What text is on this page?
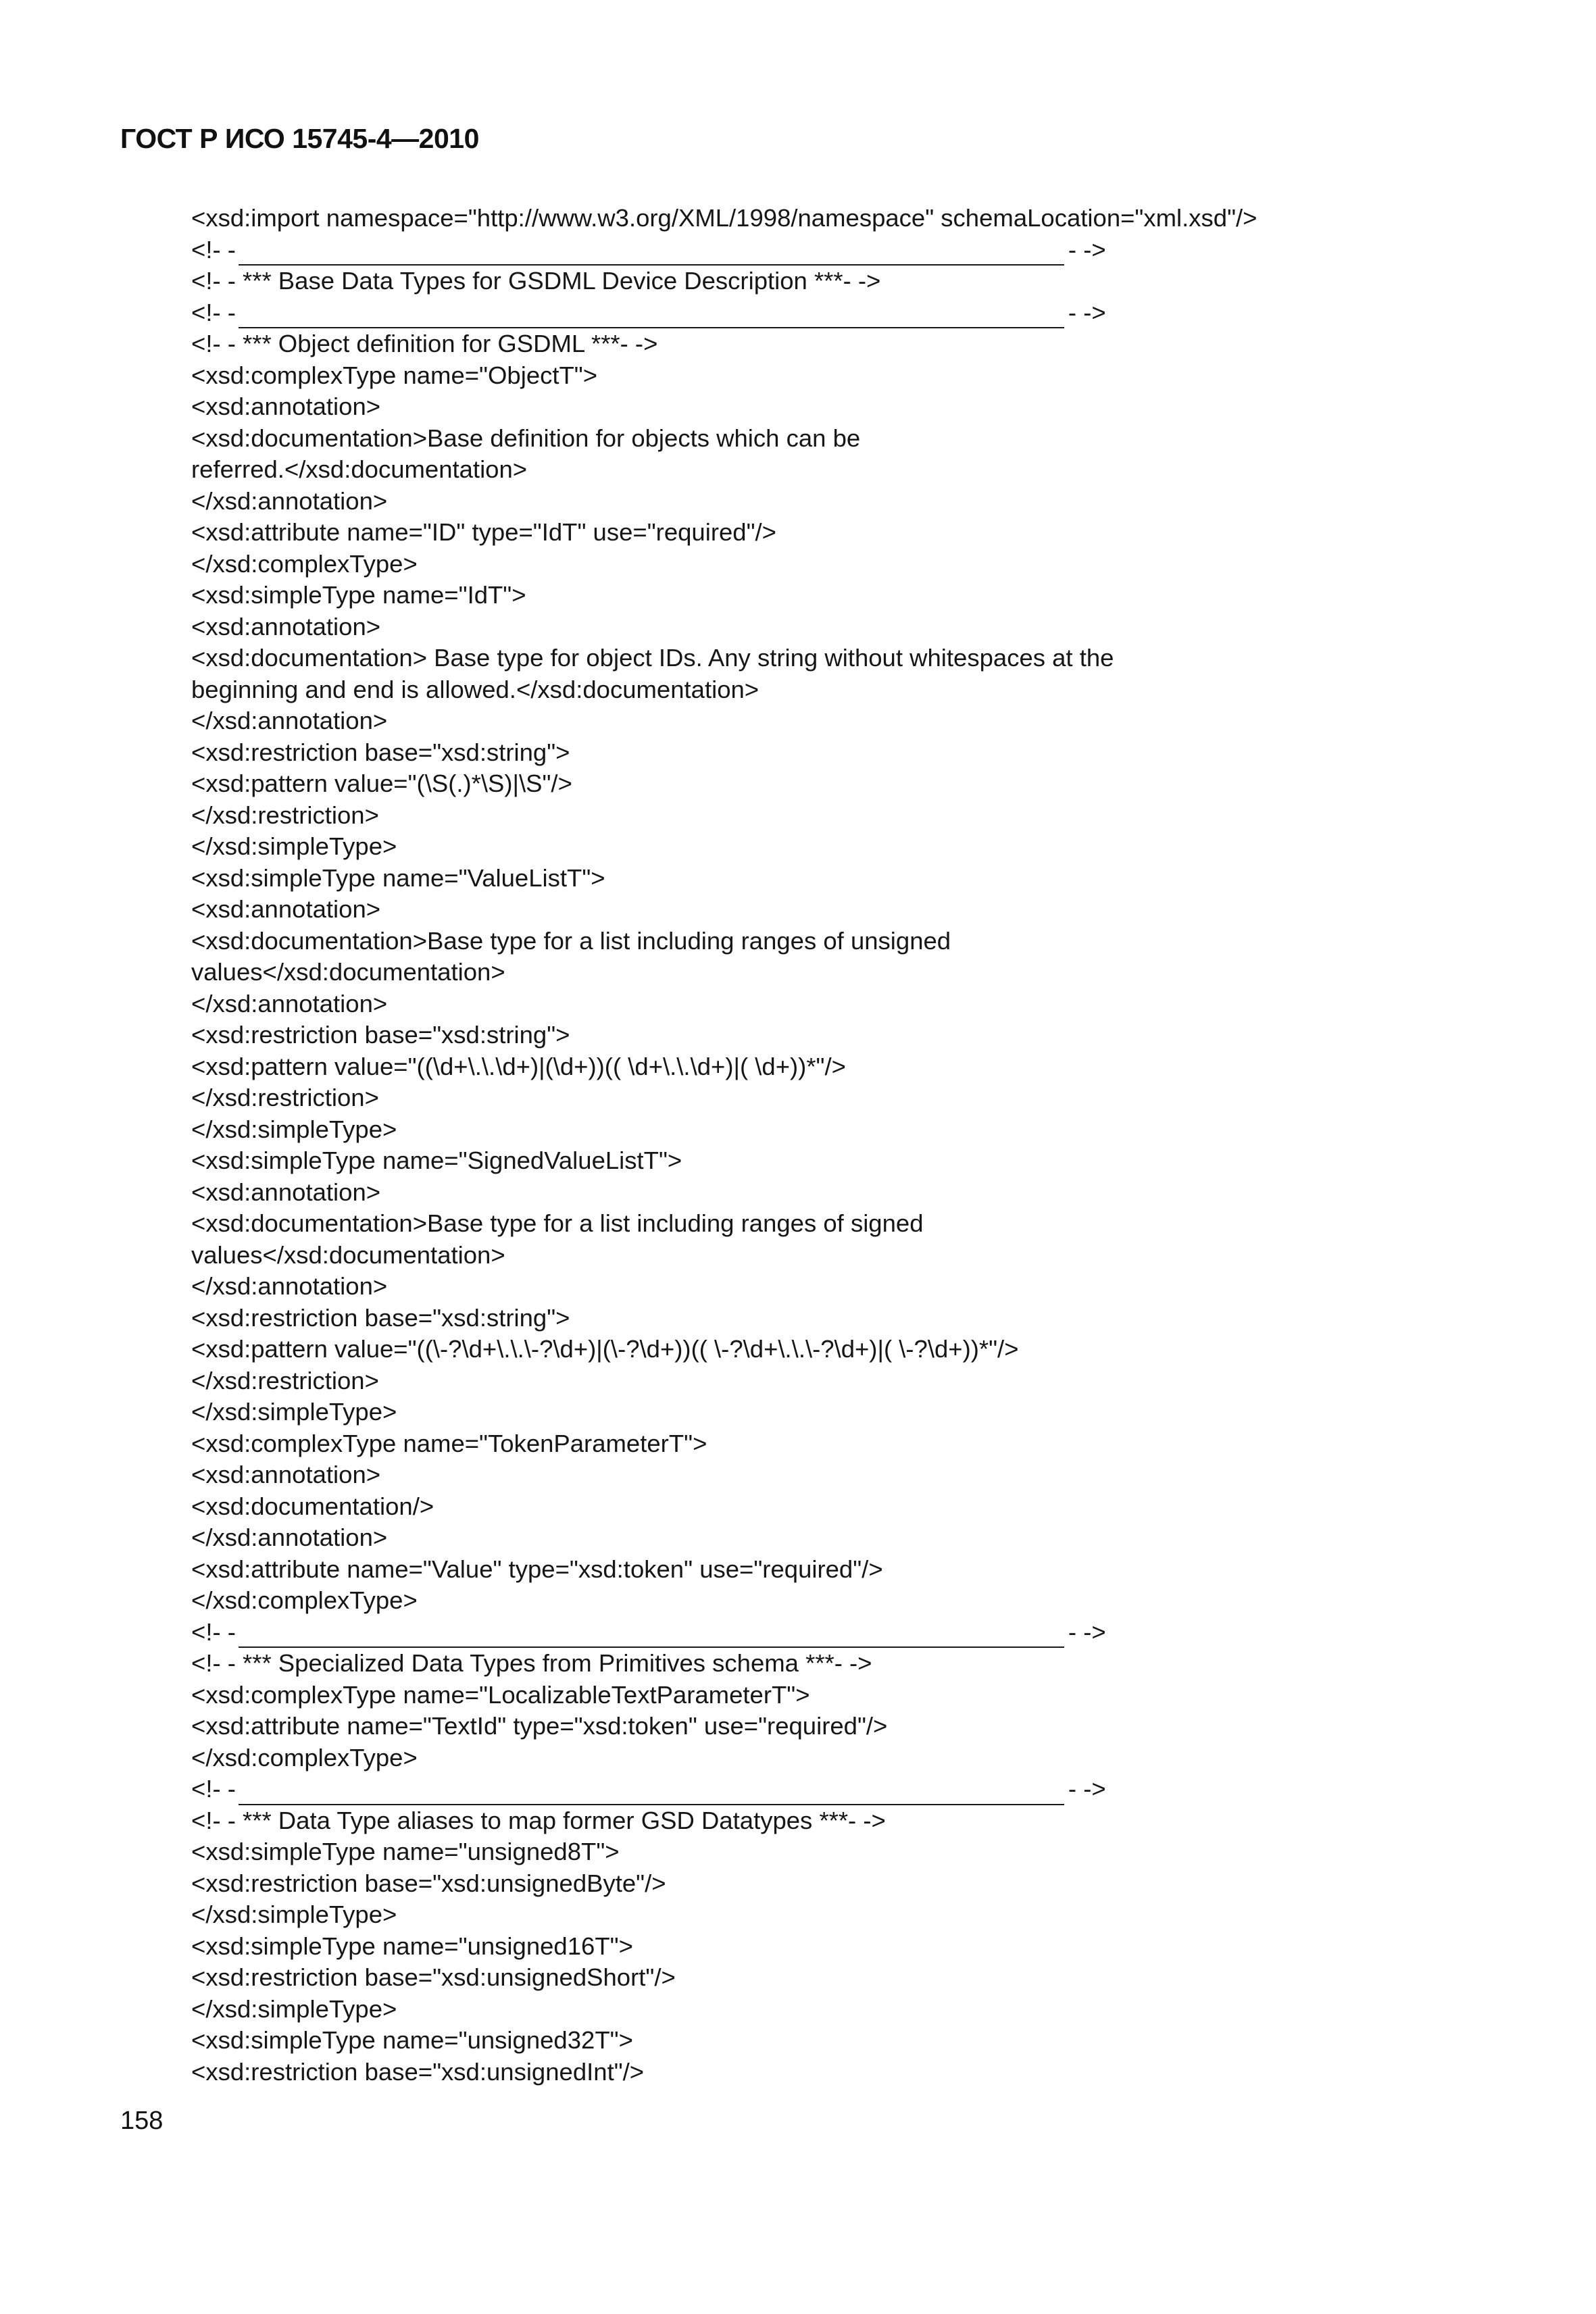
ГОСТ Р ИСО 15745-4—2010
<xsd:import namespace="http://www.w3.org/XML/1998/namespace" schemaLocation="xml.xsd"/>
<!- -	- ->
<!- - *** Base Data Types for GSDML Device Description ***- ->
<!- -	- ->
<!- - *** Object definition for GSDML ***- ->
<xsd:complexType name="ObjectT">
<xsd:annotation>
<xsd:documentation>Base definition for objects which can be
referred.</xsd:documentation>
</xsd:annotation>
<xsd:attribute name="ID" type="IdT" use="required"/>
</xsd:complexType>
<xsd:simpleType name="IdT">
<xsd:annotation>
<xsd:documentation> Base type for object IDs. Any string without whitespaces at the
beginning and end is allowed.</xsd:documentation>
</xsd:annotation>
<xsd:restriction base="xsd:string">
<xsd:pattern value="(\S(.)*\S)|\S"/>
</xsd:restriction>
</xsd:simpleType>
<xsd:simpleType name="ValueListT">
<xsd:annotation>
<xsd:documentation>Base type for a list including ranges of unsigned
values</xsd:documentation>
</xsd:annotation>
<xsd:restriction base="xsd:string">
<xsd:pattern value="((\d+\.\.\d+)|(\d+))(( \d+\.\.\d+)|( \d+))*"/>
</xsd:restriction>
</xsd:simpleType>
<xsd:simpleType name="SignedValueListT">
<xsd:annotation>
<xsd:documentation>Base type for a list including ranges of signed
values</xsd:documentation>
</xsd:annotation>
<xsd:restriction base="xsd:string">
<xsd:pattern value="((\-?\d+\.\.\-?\d+)|(\-?\d+))(( \-?\d+\.\.\-?\d+)|( \-?\d+))*"/>
</xsd:restriction>
</xsd:simpleType>
<xsd:complexType name="TokenParameterT">
<xsd:annotation>
<xsd:documentation/>
</xsd:annotation>
<xsd:attribute name="Value" type="xsd:token" use="required"/>
</xsd:complexType>
<!- -	- ->
<!- - *** Specialized Data Types from Primitives schema ***- ->
<xsd:complexType name="LocalizableTextParameterT">
<xsd:attribute name="TextId" type="xsd:token" use="required"/>
</xsd:complexType>
<!- -	- ->
<!- - *** Data Type aliases to map former GSD Datatypes ***- ->
<xsd:simpleType name="unsigned8T">
<xsd:restriction base="xsd:unsignedByte"/>
</xsd:simpleType>
<xsd:simpleType name="unsigned16T">
<xsd:restriction base="xsd:unsignedShort"/>
</xsd:simpleType>
<xsd:simpleType name="unsigned32T">
<xsd:restriction base="xsd:unsignedInt"/>
158
